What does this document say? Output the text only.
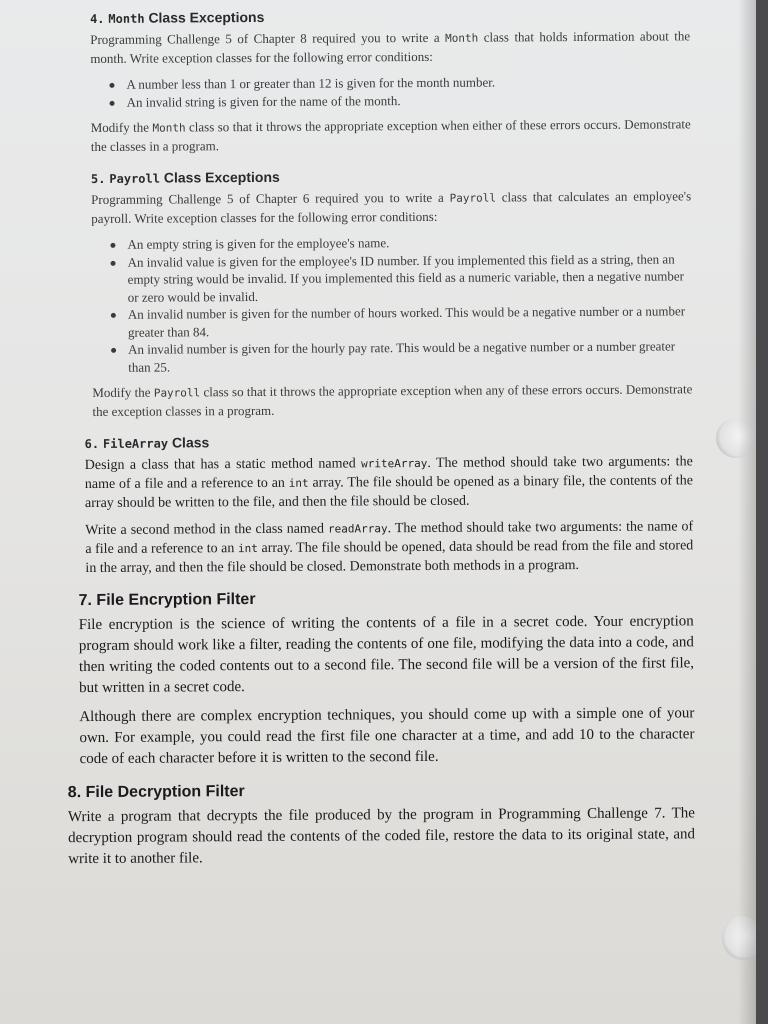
4. Month Class Exceptions

Programming Challenge 5 of Chapter 8 required you to write a Month class that holds information about the month. Write exception classes for the following error conditions:

A number less than 1 or greater than 12 is given for the month number.
An invalid string is given for the name of the month.

Modify the Month class so that it throws the appropriate exception when either of these errors occurs. Demonstrate the classes in a program.

5. Payroll Class Exceptions

Programming Challenge 5 of Chapter 6 required you to write a Payroll class that calculates an employee's payroll. Write exception classes for the following error conditions:

An empty string is given for the employee's name.
An invalid value is given for the employee's ID number. If you implemented this field as a string, then an empty string would be invalid. If you implemented this field as a numeric variable, then a negative number or zero would be invalid.
An invalid number is given for the number of hours worked. This would be a negative number or a number greater than 84.
An invalid number is given for the hourly pay rate. This would be a negative number or a number greater than 25.

Modify the Payroll class so that it throws the appropriate exception when any of these errors occurs. Demonstrate the exception classes in a program.

6. FileArray Class

Design a class that has a static method named writeArray. The method should take two arguments: the name of a file and a reference to an int array. The file should be opened as a binary file, the contents of the array should be written to the file, and then the file should be closed.

Write a second method in the class named readArray. The method should take two arguments: the name of a file and a reference to an int array. The file should be opened, data should be read from the file and stored in the array, and then the file should be closed. Demonstrate both methods in a program.

7. File Encryption Filter

File encryption is the science of writing the contents of a file in a secret code. Your encryption program should work like a filter, reading the contents of one file, modifying the data into a code, and then writing the coded contents out to a second file. The second file will be a version of the first file, but written in a secret code.

Although there are complex encryption techniques, you should come up with a simple one of your own. For example, you could read the first file one character at a time, and add 10 to the character code of each character before it is written to the second file.

8. File Decryption Filter

Write a program that decrypts the file produced by the program in Programming Challenge 7. The decryption program should read the contents of the coded file, restore the data to its original state, and write it to another file.
